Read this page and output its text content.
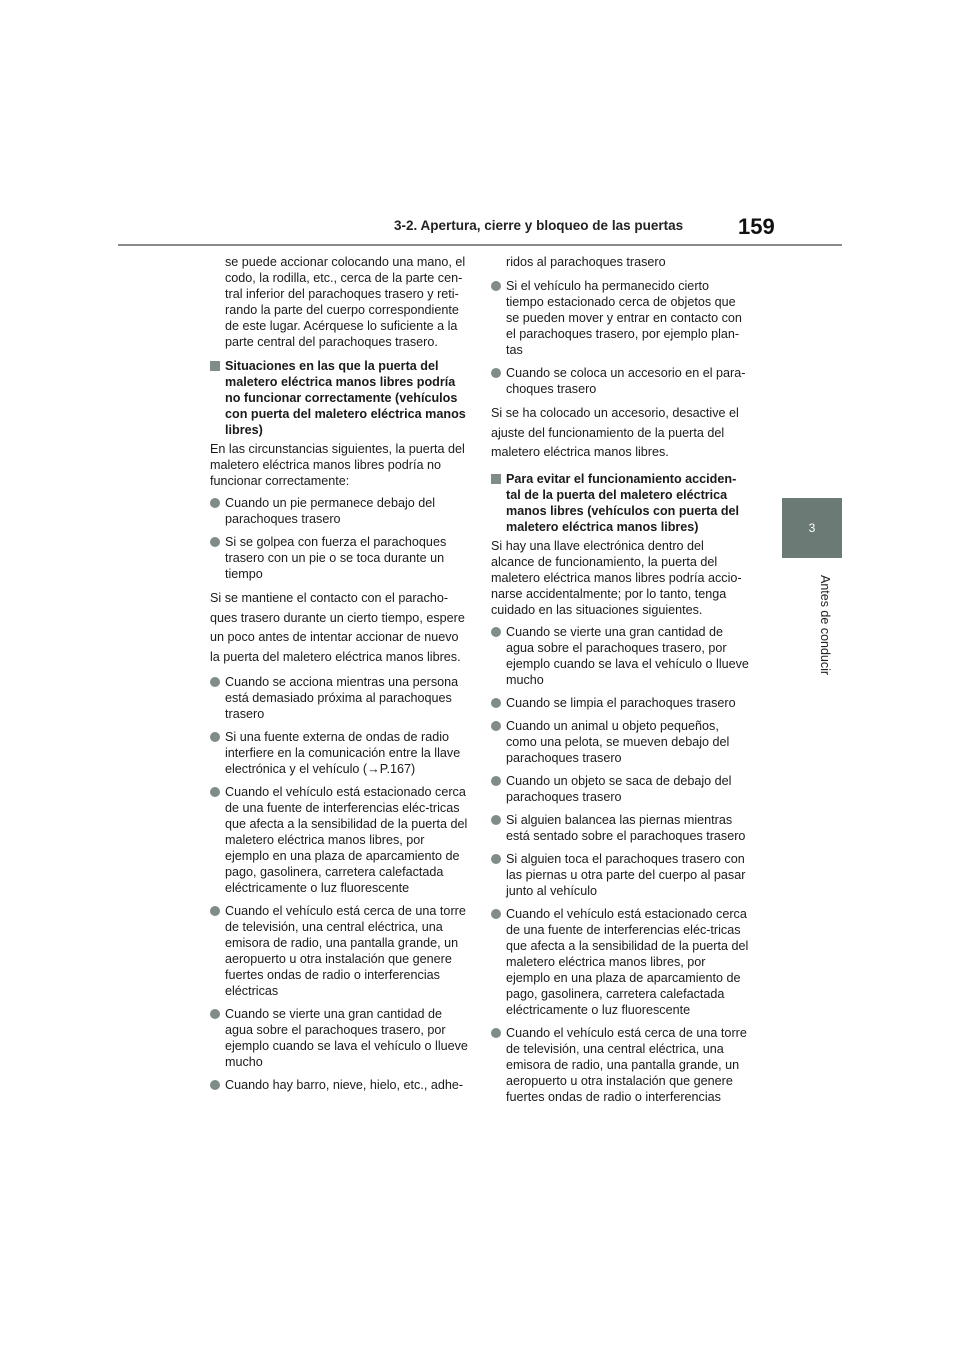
3-2. Apertura, cierre y bloqueo de las puertas 159
3
Antes de conducir

se puede accionar colocando una mano, el codo, la rodilla, etc., cerca de la parte cen-tral inferior del parachoques trasero y reti-rando la parte del cuerpo correspondiente de este lugar. Acérquese lo suficiente a la parte central del parachoques trasero.

Situaciones en las que la puerta del maletero eléctrica manos libres podría no funcionar correctamente (vehículos con puerta del maletero eléctrica manos libres)

En las circunstancias siguientes, la puerta del maletero eléctrica manos libres podría no funcionar correctamente:

Cuando un pie permanece debajo del parachoques trasero
Si se golpea con fuerza el parachoques trasero con un pie o se toca durante un tiempo

Si se mantiene el contacto con el paracho-ques trasero durante un cierto tiempo, espere un poco antes de intentar accionar de nuevo la puerta del maletero eléctrica manos libres.

Cuando se acciona mientras una persona está demasiado próxima al parachoques trasero
Si una fuente externa de ondas de radio interfiere en la comunicación entre la llave electrónica y el vehículo (→P.167)
Cuando el vehículo está estacionado cerca de una fuente de interferencias eléc-tricas que afecta a la sensibilidad de la puerta del maletero eléctrica manos libres, por ejemplo en una plaza de aparcamiento de pago, gasolinera, carretera calefactada eléctricamente o luz fluorescente
Cuando el vehículo está cerca de una torre de televisión, una central eléctrica, una emisora de radio, una pantalla grande, un aeropuerto u otra instalación que genere fuertes ondas de radio o interferencias eléctricas
Cuando se vierte una gran cantidad de agua sobre el parachoques trasero, por ejemplo cuando se lava el vehículo o llueve mucho
Cuando hay barro, nieve, hielo, etc., adhe-

ridos al parachoques trasero

Si el vehículo ha permanecido cierto tiempo estacionado cerca de objetos que se pueden mover y entrar en contacto con el parachoques trasero, por ejemplo plan-tas
Cuando se coloca un accesorio en el para-choques trasero

Si se ha colocado un accesorio, desactive el ajuste del funcionamiento de la puerta del maletero eléctrica manos libres.

Para evitar el funcionamiento acciden-tal de la puerta del maletero eléctrica manos libres (vehículos con puerta del maletero eléctrica manos libres)

Si hay una llave electrónica dentro del alcance de funcionamiento, la puerta del maletero eléctrica manos libres podría accio-narse accidentalmente; por lo tanto, tenga cuidado en las situaciones siguientes.

Cuando se vierte una gran cantidad de agua sobre el parachoques trasero, por ejemplo cuando se lava el vehículo o llueve mucho
Cuando se limpia el parachoques trasero
Cuando un animal u objeto pequeños, como una pelota, se mueven debajo del parachoques trasero
Cuando un objeto se saca de debajo del parachoques trasero
Si alguien balancea las piernas mientras está sentado sobre el parachoques trasero
Si alguien toca el parachoques trasero con las piernas u otra parte del cuerpo al pasar junto al vehículo
Cuando el vehículo está estacionado cerca de una fuente de interferencias eléc-tricas que afecta a la sensibilidad de la puerta del maletero eléctrica manos libres, por ejemplo en una plaza de aparcamiento de pago, gasolinera, carretera calefactada eléctricamente o luz fluorescente
Cuando el vehículo está cerca de una torre de televisión, una central eléctrica, una emisora de radio, una pantalla grande, un aeropuerto u otra instalación que genere fuertes ondas de radio o interferencias
